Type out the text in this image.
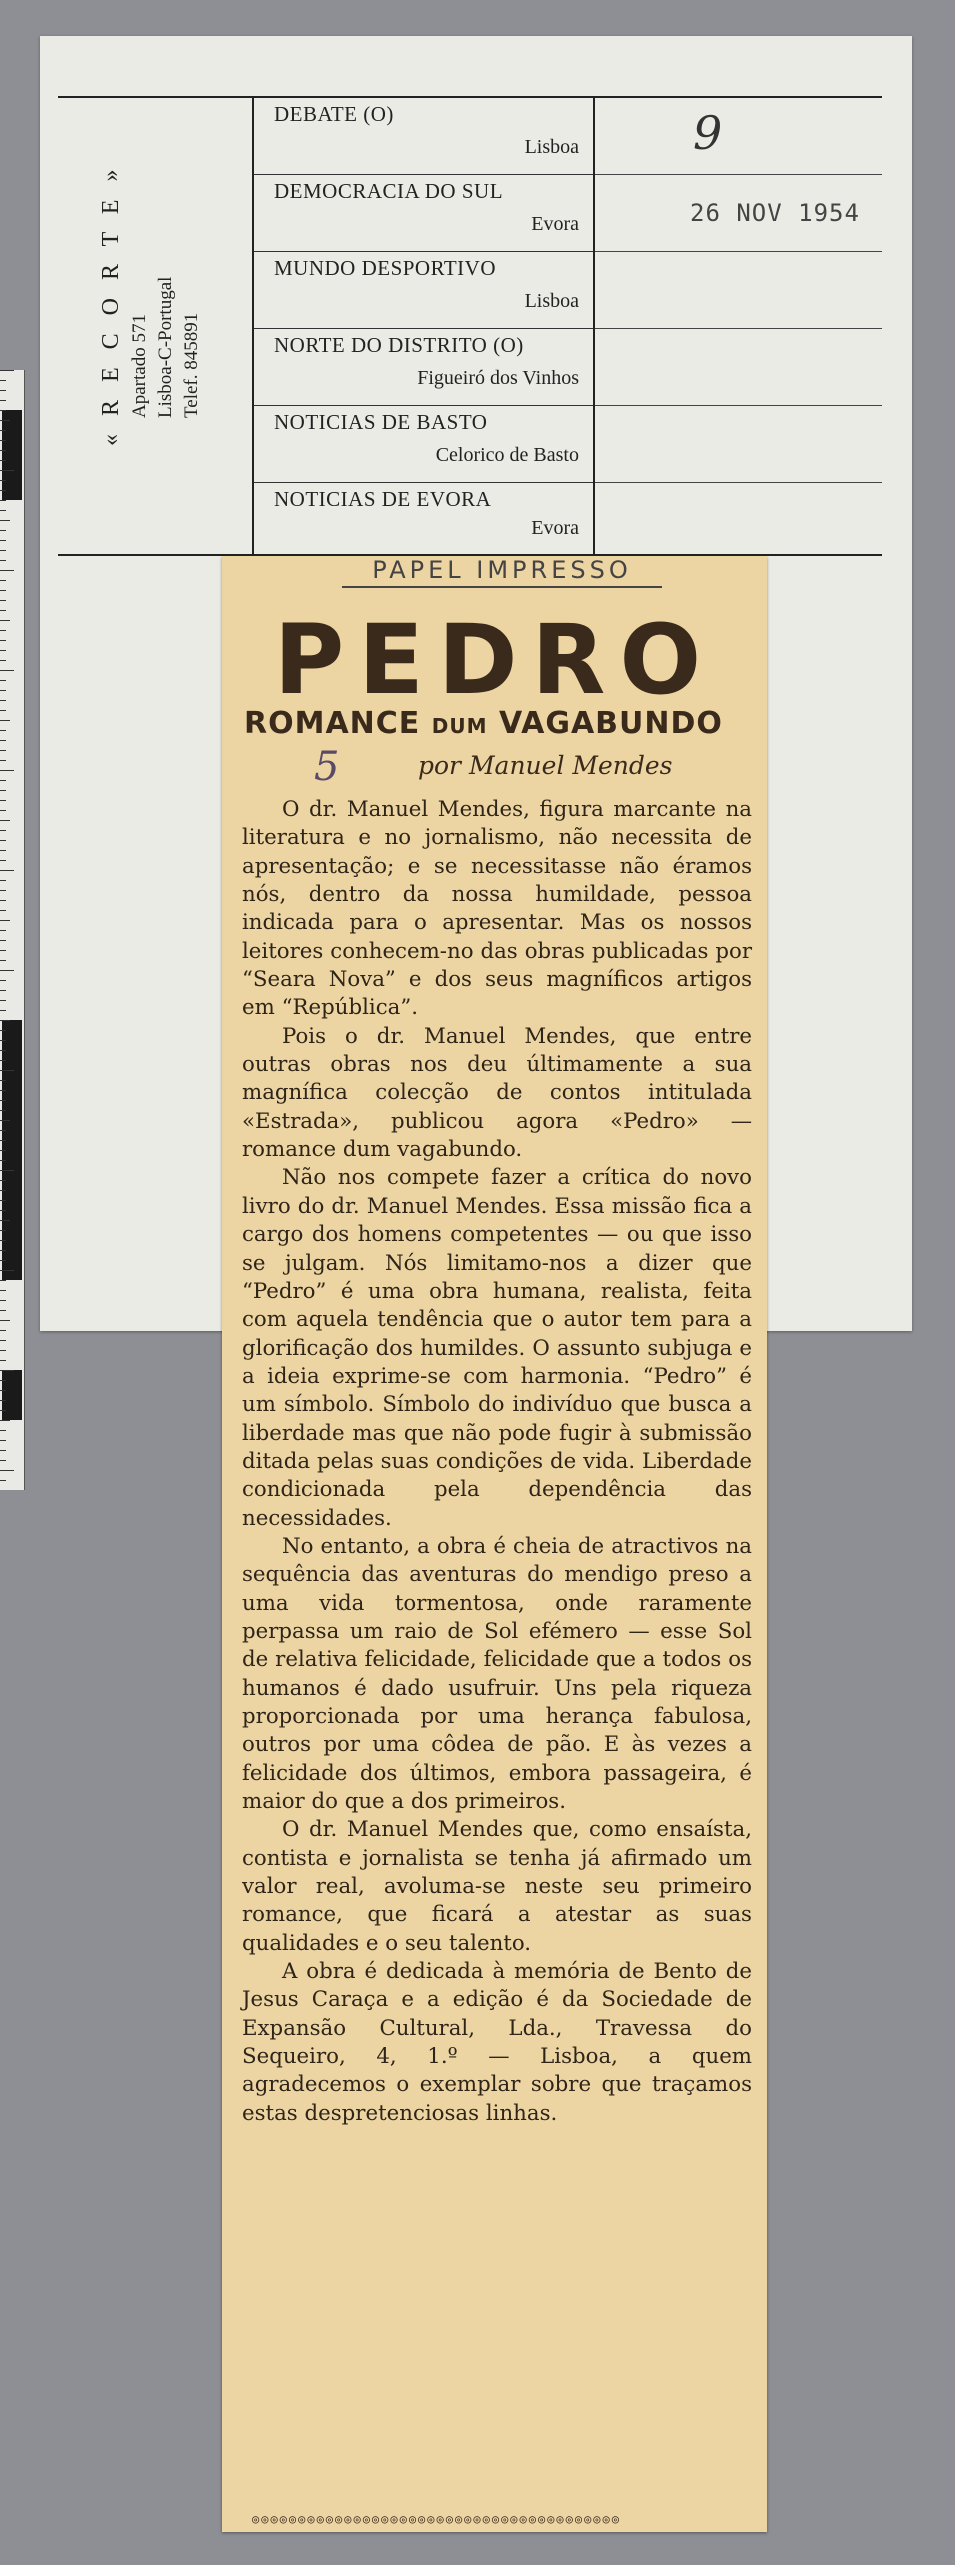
« R E C O R T E » Apartado 571 Lisboa-C-Portugal Telef. 845891
DEBATE (O)
Lisboa
DEMOCRACIA DO SUL
Evora
MUNDO DESPORTIVO
Lisboa
NORTE DO DISTRITO (O)
Figueiró dos Vinhos
NOTICIAS DE BASTO
Celorico de Basto
NOTICIAS DE EVORA
Evora
9
26 NOV 1954
PAPEL IMPRESSO
PEDRO
ROMANCE DUM VAGABUNDO
5	por Manuel Mendes

O dr. Manuel Mendes, figura marcante na literatura e no jornalismo, não necessita de apresentação; e se necessitasse não éramos nós, dentro da nossa humildade, pessoa indicada para o apresentar. Mas os nossos leitores conhecem-no das obras publicadas por “Seara Nova” e dos seus magníficos artigos em “República”.

Pois o dr. Manuel Mendes, que entre outras obras nos deu últimamente a sua magnífica colecção de contos intitulada «Estrada», publicou agora «Pedro» — romance dum vagabundo.

Não nos compete fazer a crítica do novo livro do dr. Manuel Mendes. Essa missão fica a cargo dos homens competentes — ou que isso se julgam. Nós limitamo-nos a dizer que “Pedro” é uma obra humana, realista, feita com aquela tendência que o autor tem para a glorificação dos humildes. O assunto subjuga e a ideia exprime-se com harmonia. “Pedro” é um símbolo. Símbolo do indivíduo que busca a liberdade mas que não pode fugir à submissão ditada pelas suas condições de vida. Liberdade condicionada pela dependência das necessidades.

No entanto, a obra é cheia de atractivos na sequência das aventuras do mendigo preso a uma vida tormentosa, onde raramente perpassa um raio de Sol efémero — esse Sol de relativa felicidade, felicidade que a todos os humanos é dado usufruir. Uns pela riqueza proporcionada por uma herança fabulosa, outros por uma côdea de pão. E às vezes a felicidade dos últimos, embora passageira, é maior do que a dos primeiros.

O dr. Manuel Mendes que, como ensaísta, contista e jornalista se tenha já afirmado um valor real, avoluma-se neste seu primeiro romance, que ficará a atestar as suas qualidades e o seu talento.

A obra é dedicada à memória de Bento de Jesus Caraça e a edição é da Sociedade de Expansão Cultural, Lda., Travessa do Sequeiro, 4, 1.º — Lisboa, a quem agradecemos o exemplar sobre que traçamos estas despretenciosas linhas.

◎◎◎◎◎◎◎◎◎◎◎◎◎◎◎◎◎◎◎◎◎◎◎◎◎◎◎◎◎◎◎◎◎◎◎◎◎◎◎◎
